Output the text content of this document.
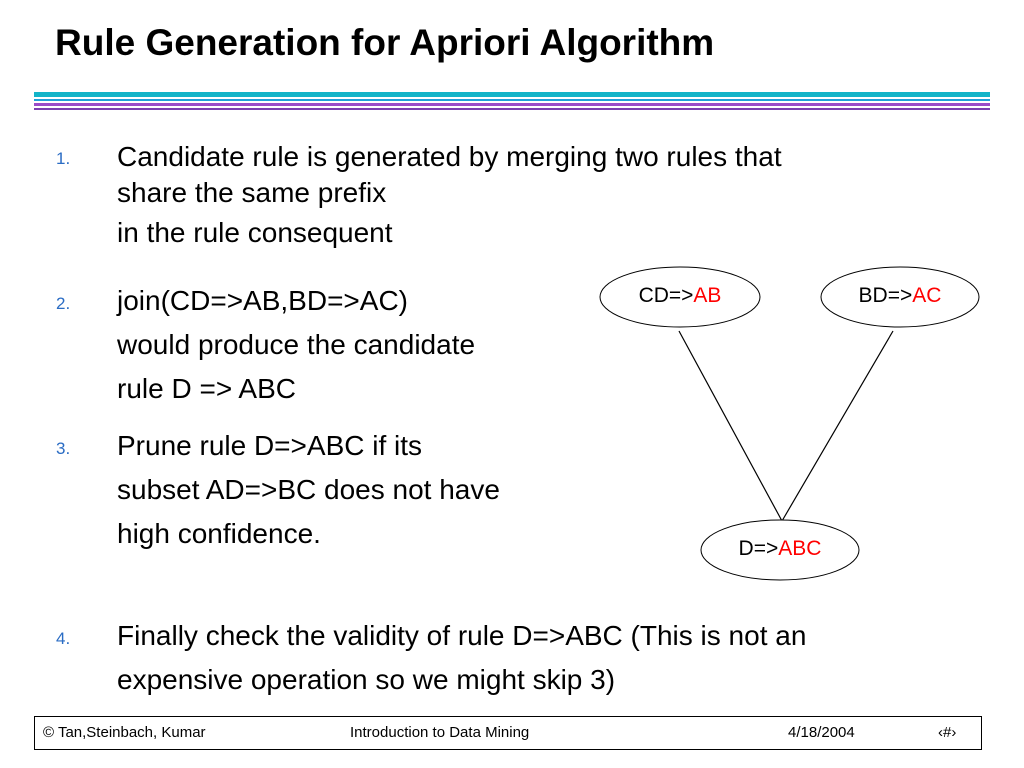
Rule Generation for Apriori Algorithm
1. Candidate rule is generated by merging two rules that
share the same prefix
in the rule consequent
2. join(CD=>AB,BD=>AC)
would produce the candidate
rule D => ABC
3. Prune rule D=>ABC if its
subset AD=>BC does not have
high confidence.
4. Finally check the validity of rule D=>ABC (This is not an
expensive operation so we might skip 3)
CD=>AB	BD=>AC
D=>ABC
© Tan,Steinbach, Kumar	Introduction to Data Mining	4/18/2004	‹#›
